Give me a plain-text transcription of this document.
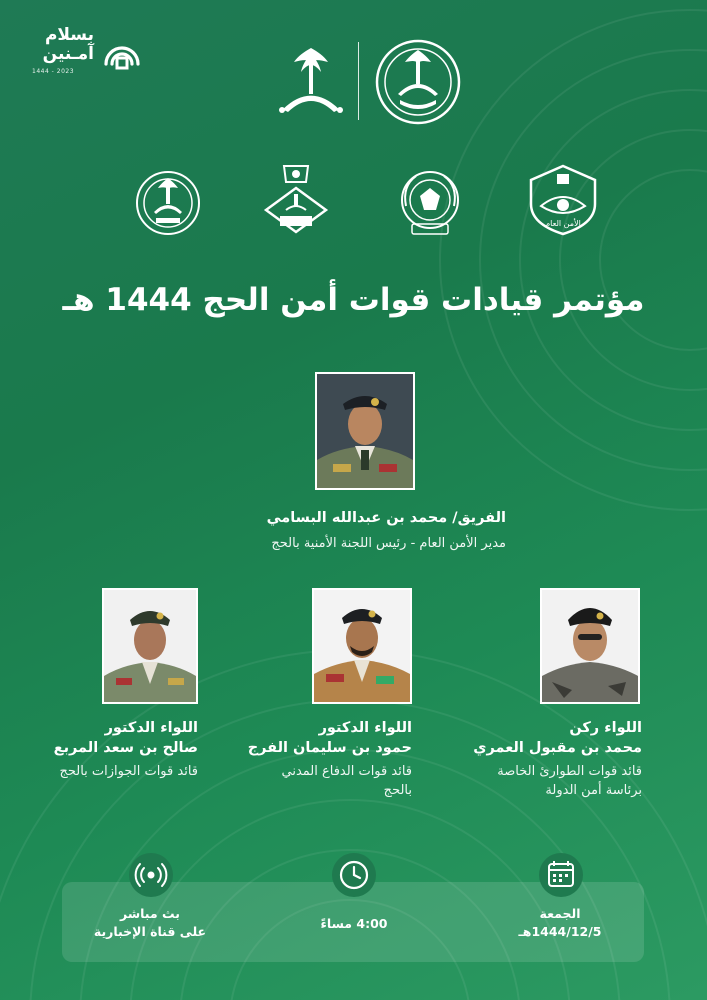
بسلام
آمـنين
1444 - 2023
الأمن العام
مؤتمر قيادات قوات أمن الحج 1444 هـ
الفريق/ محمد بن عبدالله البسامي
مدير الأمن العام - رئيس اللجنة الأمنية بالحج
اللواء ركن
محمد بن مقبول العمري
قائد قوات الطوارئ الخاصة
برئاسة أمن الدولة
اللواء الدكتور
حمود بن سليمان الفرج
قائد قوات الدفاع المدني
بالحج
اللواء الدكتور
صالح بن سعد المربع
قائد قوات الجوازات بالحج
الجمعة
1444/12/5هـ
4:00 مساءً
بث مباشر
على قناة الإخبارية
